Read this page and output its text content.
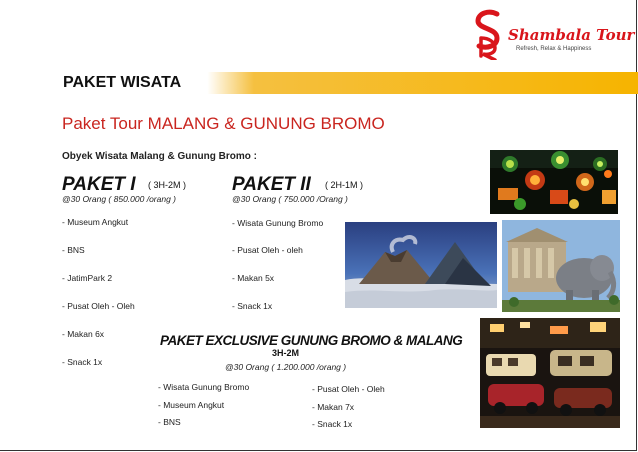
Shambala Tour
Refresh, Relax & Happiness
PAKET WISATA
Paket Tour MALANG & GUNUNG BROMO
Obyek Wisata Malang & Gunung Bromo :
PAKET I ( 3H-2M )
@30 Orang ( 850.000 /orang )
- Museum Angkut
- BNS
- JatimPark 2
- Pusat Oleh - Oleh
- Makan 6x
- Snack 1x
PAKET II ( 2H-1M )
@30 Orang ( 750.000 /Orang )
- Wisata Gunung Bromo
- Pusat Oleh - oleh
- Makan 5x
- Snack 1x
PAKET EXCLUSIVE GUNUNG BROMO & MALANG
3H-2M
@30 Orang ( 1.200.000 /orang )
- Wisata Gunung Bromo
- Museum Angkut
- BNS
- Pusat Oleh - Oleh
- Makan 7x
- Snack 1x
